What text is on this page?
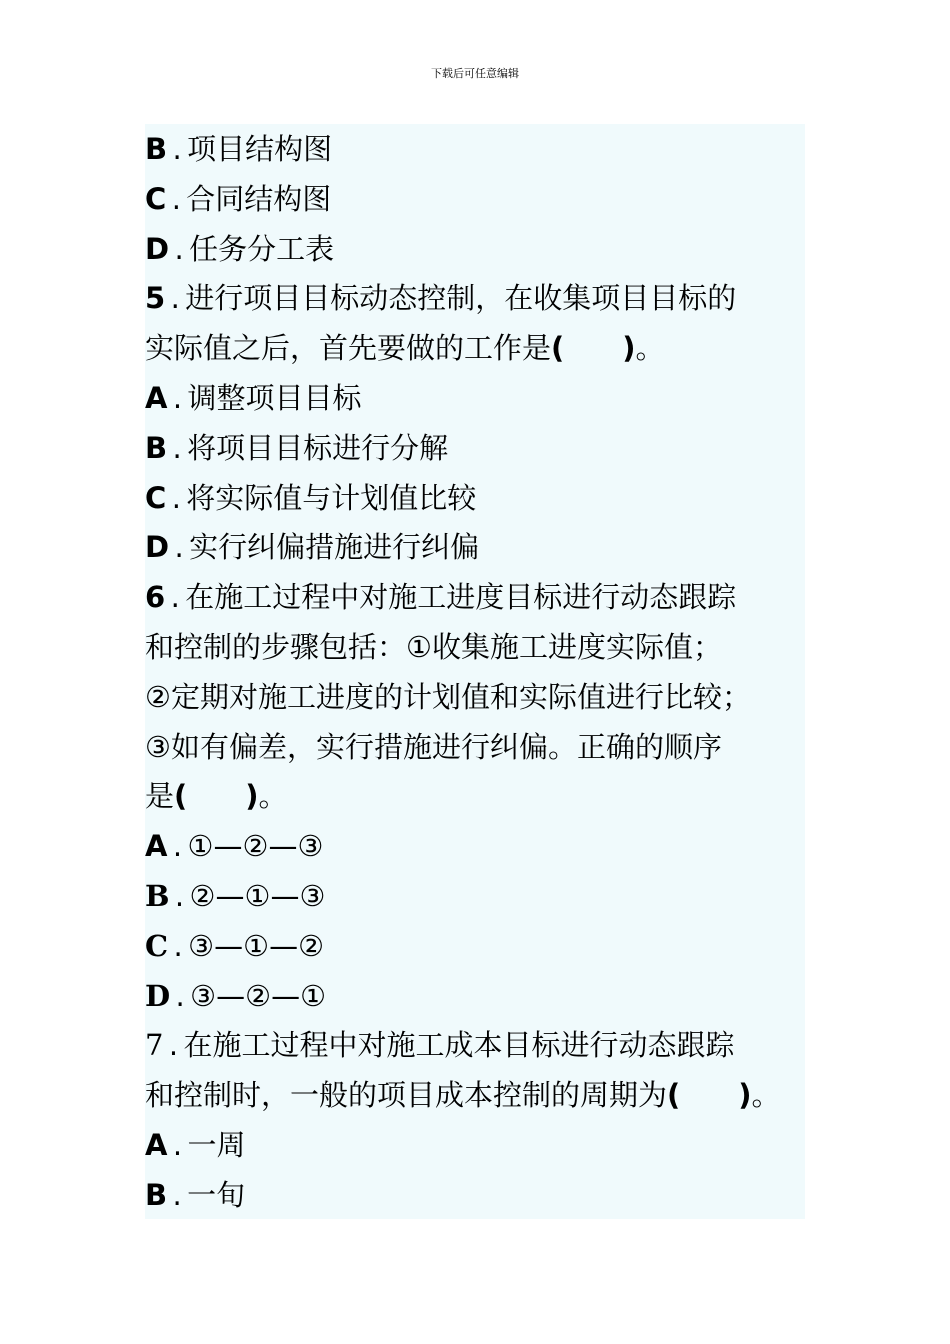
下载后可任意编辑
B . 项目结构图
C . 合同结构图
D . 任务分工表
5 . 进行项目目标动态控制，在收集项目目标的
实际值之后，首先要做的工作是(　　)。
A . 调整项目目标
B . 将项目目标进行分解
C . 将实际值与计划值比较
D . 实行纠偏措施进行纠偏
6 . 在施工过程中对施工进度目标进行动态跟踪
和控制的步骤包括：①收集施工进度实际值；
②定期对施工进度的计划值和实际值进行比较；
③如有偏差，实行措施进行纠偏。正确的顺序
是(　　)。
A . ①—②—③
B . ②—①—③
C . ③—①—②
D . ③—②—①
7 . 在施工过程中对施工成本目标进行动态跟踪
和控制时，一般的项目成本控制的周期为(　　)。
A . 一周
B . 一旬
